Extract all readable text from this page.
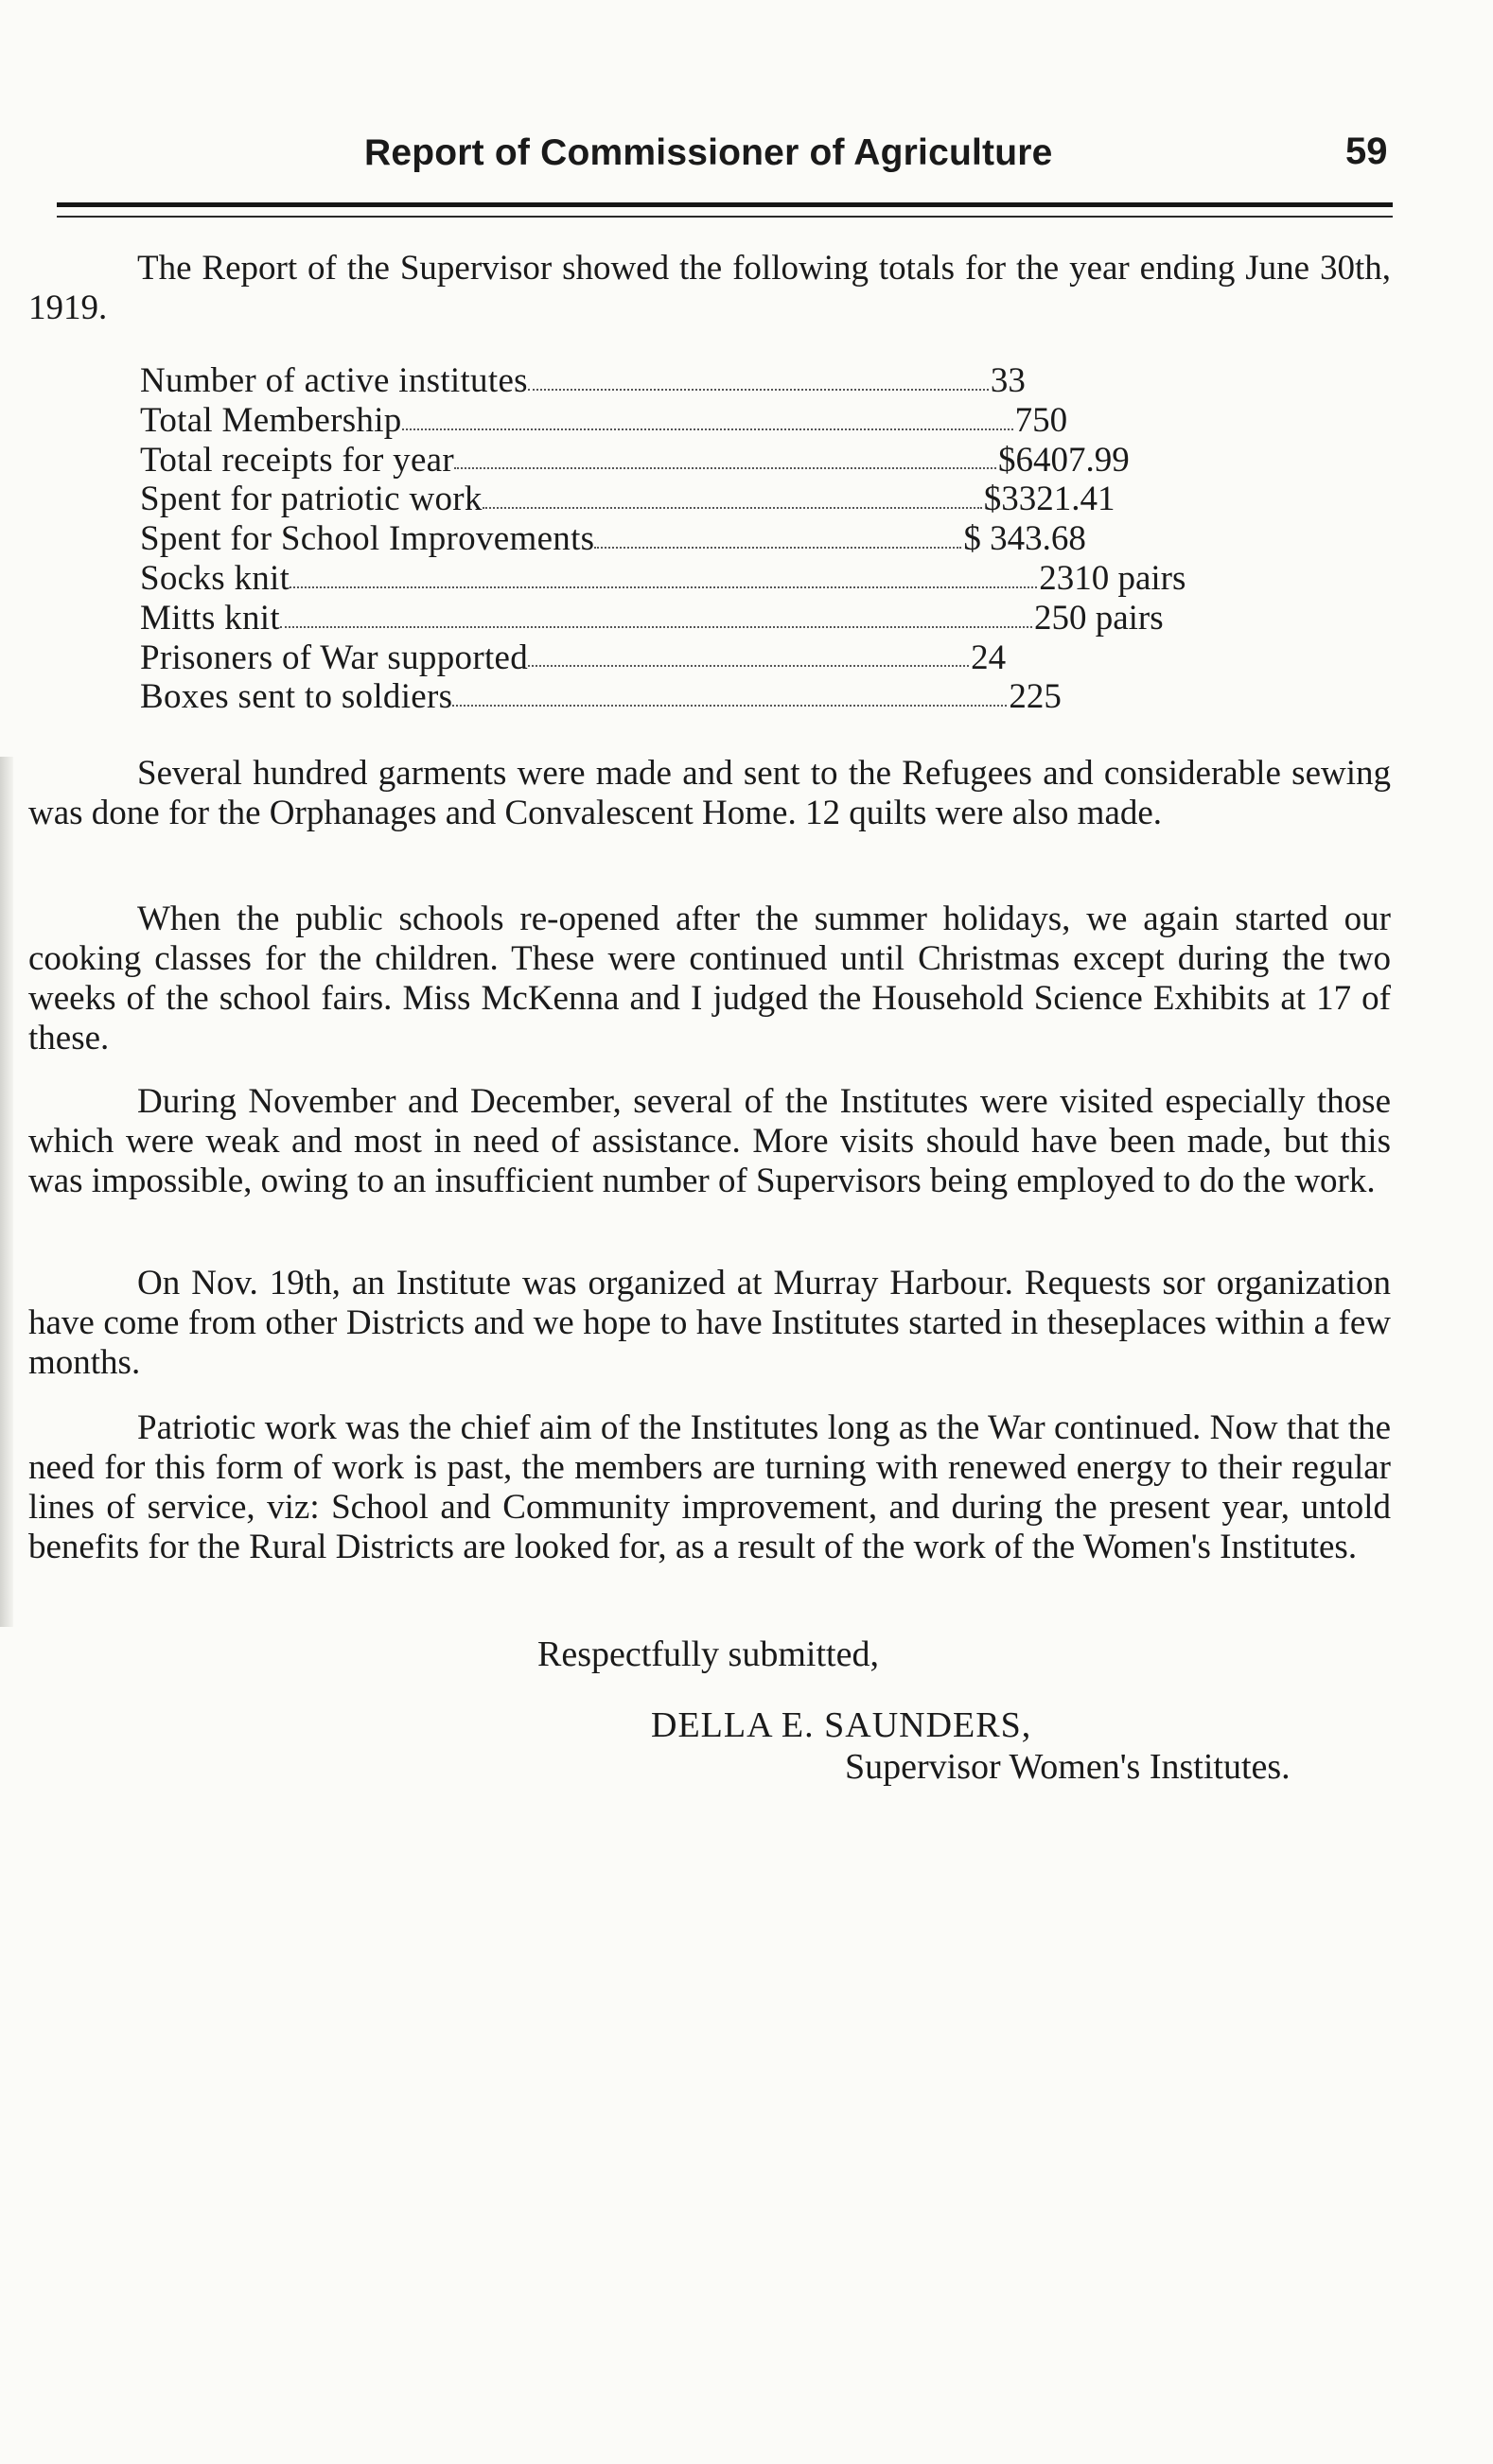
Report of Commissioner of Agriculture	59

The Report of the Supervisor showed the following totals for the year ending June 30th, 1919.

Number of active institutes	33
Total Membership	750
Total receipts for year	$6407.99
Spent for patriotic work	$3321.41
Spent for School Improvements	$ 343.68
Socks knit	2310 pairs
Mitts knit	250 pairs
Prisoners of War supported	24
Boxes sent to soldiers	225

Several hundred garments were made and sent to the Refugees and considerable sewing was done for the Orphanages and Convalescent Home. 12 quilts were also made.

When the public schools re-opened after the summer holidays, we again started our cooking classes for the children. These were continued until Christmas except during the two weeks of the school fairs. Miss McKenna and I judged the Household Science Exhibits at 17 of these.

During November and December, several of the Institutes were visited especially those which were weak and most in need of assistance. More visits should have been made, but this was impossible, owing to an insufficient number of Supervisors being employed to do the work.

On Nov. 19th, an Institute was organized at Murray Harbour. Requests sor organization have come from other Districts and we hope to have Institutes started in theseplaces within a few months.

Patriotic work was the chief aim of the Institutes long as the War continued. Now that the need for this form of work is past, the members are turning with renewed energy to their regular lines of service, viz: School and Community improvement, and during the present year, untold benefits for the Rural Districts are looked for, as a result of the work of the Women's Institutes.

Respectfully submitted,
DELLA E. SAUNDERS,
Supervisor Women's Institutes.
